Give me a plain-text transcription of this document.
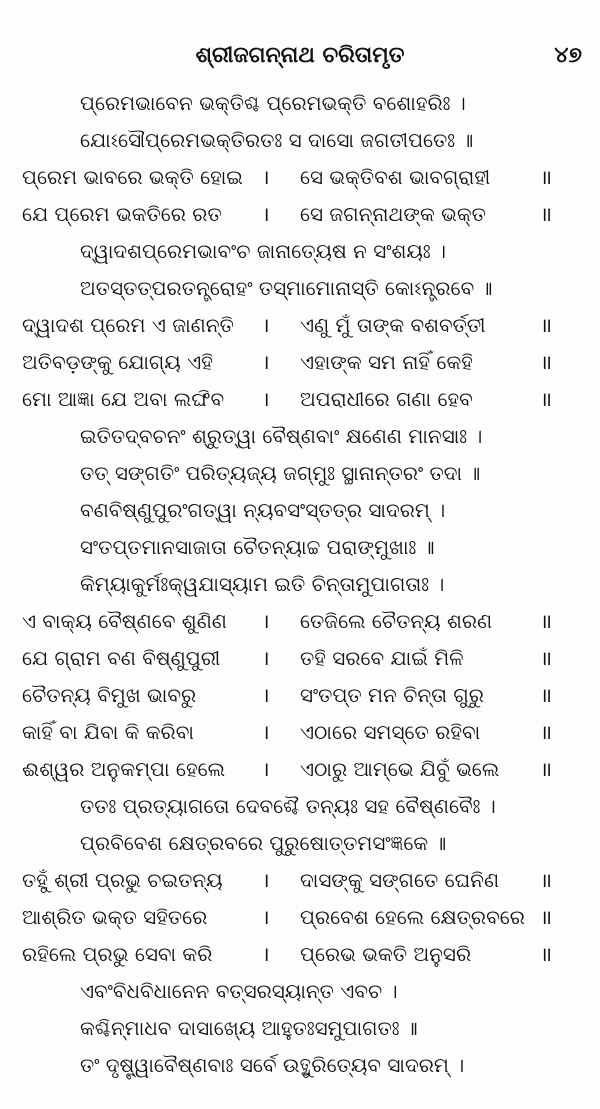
ଶ୍ରୀଜଗନ୍ନାଥ ଚରିତାମୃତ	୪୭
ପ୍ରେମଭାବେନ ଭକ୍ତିଶ୍ଚ ପ୍ରେମଭକ୍ତି ବଶୋହରିଃ ।
ଯୋଽସୌପ୍ରେମଭକ୍ତିରତଃ ସ ଦାସୋ ଜଗତୀପତେଃ ॥
ପ୍ରେମ ଭାବରେ ଭକ୍ତି ହୋଇ । ସେ ଭକ୍ତିବଶ ଭାବଗ୍ରାହୀ ॥
ଯେ ପ୍ରେମ ଭକତିରେ ରତ । ସେ ଜଗନ୍ନାଥଙ୍କ ଭକ୍ତ	॥
ଦ୍ୱାଦଶପ୍ରେମଭାବଂଚ ଜାନାତ୍ୟେଷ ନ ସଂଶୟଃ ।
ଅତସ୍ତତ୍ପରତନ୍ତ୍ରୋହଂ ତସ୍ମାମୋନାସ୍ତି କୋଽନ୍ତ୍ରବେ ॥
ଦ୍ୱାଦଶ ପ୍ରେମ ଏ ଜାଣନ୍ତି । ଏଣୁ ମୁଁ ତାଙ୍କ ବଶବର୍ତ୍ତୀ	॥
ଅତିବଡ଼ଙ୍କୁ ଯୋଗ୍ୟ ଏହି । ଏହାଙ୍କ ସମ ନାହିଁ କେହି	॥
ମୋ ଆଜ୍ଞା ଯେ ଅବା ଲଙ୍ଘିବ । ଅପରାଧୀରେ ଗଣା ହେବ	॥
ଇତିତଦ୍ବଚନଂ ଶ୍ରୁତ୍ୱା ବୈଷ୍ଣବାଂ କ୍ଷଣେଣ ମାନସାଃ ।
ତତ୍ ସଙ୍ଗତିଂ ପରିତ୍ୟଜ୍ୟ ଜଗ୍ମୁଃ ସ୍ଥାନାନ୍ତରଂ ତଦା ॥
ବଣବିଷ୍ଣୁପୁରଂଗତ୍ୱା ନ୍ୟବସଂସ୍ତତ୍ର ସାଦରମ୍ ।
ସଂତପ୍ତମାନସାଜାତା ଚୈତନ୍ୟାଚ୍ଚ ପରାଙ୍ମୁଖାଃ ॥
କିମ୍ୟାକୁର୍ମଃକ୍ୱଯାସ୍ୟାମ ଇତି ଚିନ୍ତାମୁପାଗତାଃ ।
ଏ ବାକ୍ୟ ବୈଷ୍ଣବେ ଶୁଣିଣ । ତେଜିଲେ ଚୈତନ୍ୟ ଶରଣ ॥
ଯେ ଗ୍ରାମ ବଣ ବିଷ୍ଣୁପୁରୀ । ତହି ସରବେ ଯାଇଁ ମିଳି	॥
ଚୈତନ୍ୟ ବିମୁଖ ଭାବରୁ	। ସଂତପ୍ତ ମନ ଚିନ୍ତା ଗୁରୁ	॥
କାହିଁ ବା ଯିବା କି କରିବା	। ଏଠାରେ ସମସ୍ତେ ରହିବା	॥
ଈଶ୍ୱର ଅନୁକମ୍ପା ହେଲେ । ଏଠାରୁ ଆମ୍ଭେ ଯିବୁଁ ଭଲେ ॥
ତତଃ ପ୍ରତ୍ୟାଗତୋ ଦେବଶ୍ଚୈ ତନ୍ୟଃ ସହ ବୈଷ୍ଣବୈଃ ।
ପ୍ରବିବେଶ କ୍ଷେତ୍ରବରେ ପୁରୁଷୋତ୍ତମସଂଜ୍ଞକେ ॥
ତହୁଁ ଶ୍ରୀ ପ୍ରଭୁ ଚଇତନ୍ୟ । ଦାସଙ୍କୁ ସଙ୍ଗତେ ଘେନିଣ ॥
ଆଶ୍ରିତ ଭକ୍ତ ସହିତରେ	। ପ୍ରବେଶ ହେଲେ କ୍ଷେତ୍ରବରେ ॥
ରହିଲେ ପ୍ରଭୁ ସେବା କରି । ପ୍ରେଭ ଭକତି ଅନୁସରି	॥
ଏବଂବିଧବିଧାନେନ ବତ୍ସରସ୍ୟାନ୍ତ ଏବଚ ।
କଶ୍ଚିନ୍ମାଧବ ଦାସାଖ୍ୟେ ଆହୁତଃସମୁପାଗତଃ ॥
ତଂ ଦୃଷ୍ଟ୍ୱାବୈଷ୍ଣବାଃ ସର୍ବେ ଉତ୍ଥୁରିତ୍ୟେବ ସାଦରମ୍ ।
